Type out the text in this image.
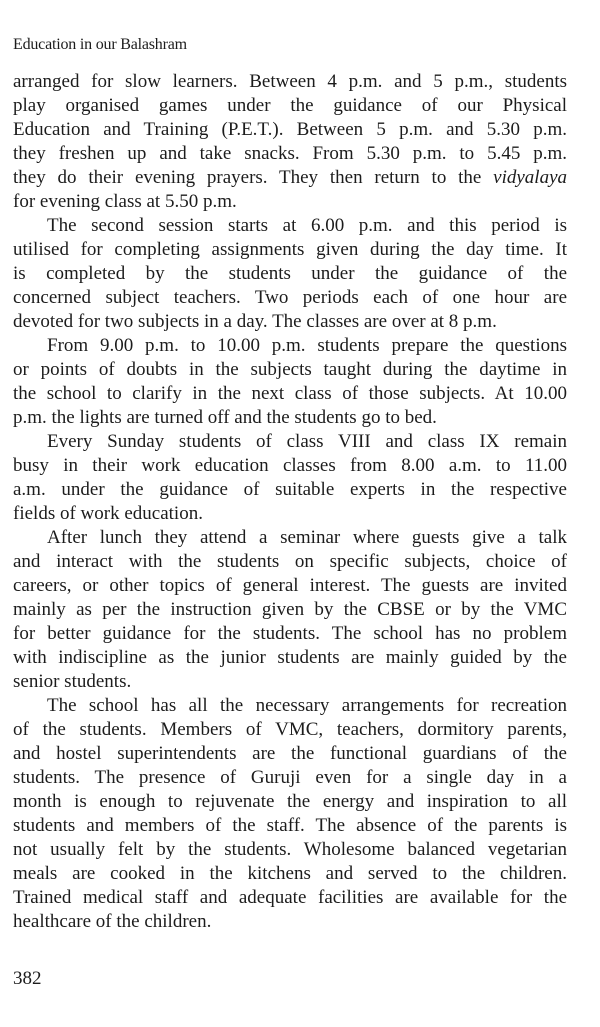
Education in our Balashram
arranged for slow learners. Between 4 p.m. and 5 p.m., students
play organised games under the guidance of our Physical
Education and Training (P.E.T.). Between 5 p.m. and 5.30 p.m.
they freshen up and take snacks. From 5.30 p.m. to 5.45 p.m.
they do their evening prayers. They then return to the vidyalaya
for evening class at 5.50 p.m.
The second session starts at 6.00 p.m. and this period is
utilised for completing assignments given during the day time. It
is completed by the students under the guidance of the
concerned subject teachers. Two periods each of one hour are
devoted for two subjects in a day. The classes are over at 8 p.m.
From 9.00 p.m. to 10.00 p.m. students prepare the questions
or points of doubts in the subjects taught during the daytime in
the school to clarify in the next class of those subjects. At 10.00
p.m. the lights are turned off and the students go to bed.
Every Sunday students of class VIII and class IX remain
busy in their work education classes from 8.00 a.m. to 11.00
a.m. under the guidance of suitable experts in the respective
fields of work education.
After lunch they attend a seminar where guests give a talk
and interact with the students on specific subjects, choice of
careers, or other topics of general interest. The guests are invited
mainly as per the instruction given by the CBSE or by the VMC
for better guidance for the students. The school has no problem
with indiscipline as the junior students are mainly guided by the
senior students.
The school has all the necessary arrangements for recreation
of the students. Members of VMC, teachers, dormitory parents,
and hostel superintendents are the functional guardians of the
students. The presence of Guruji even for a single day in a
month is enough to rejuvenate the energy and inspiration to all
students and members of the staff. The absence of the parents is
not usually felt by the students. Wholesome balanced vegetarian
meals are cooked in the kitchens and served to the children.
Trained medical staff and adequate facilities are available for the
healthcare of the children.
382
